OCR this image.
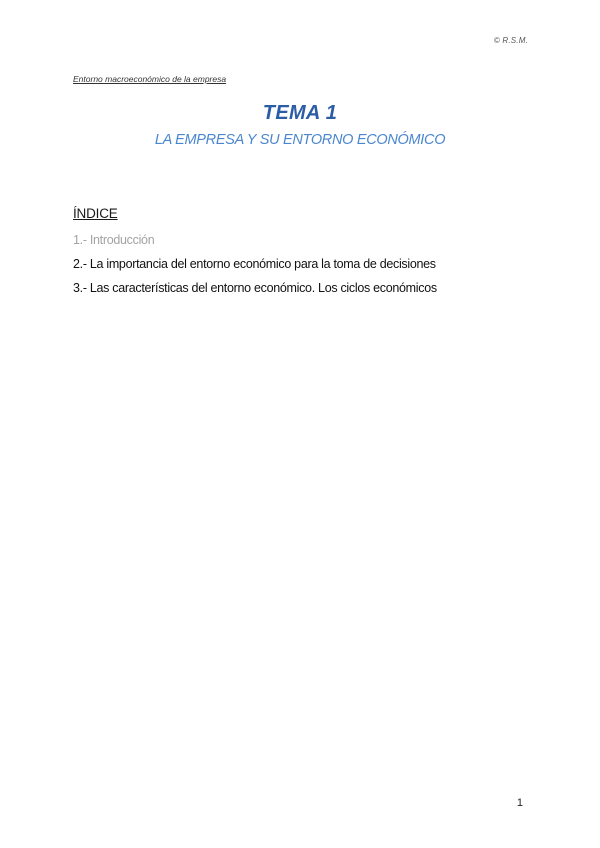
© R.S.M.
Entorno macroeconómico de la empresa
TEMA 1
LA EMPRESA Y SU ENTORNO ECONÓMICO
ÍNDICE
1.- Introducción
2.- La importancia del entorno económico para la toma de decisiones
3.- Las características del entorno económico. Los ciclos económicos
1
